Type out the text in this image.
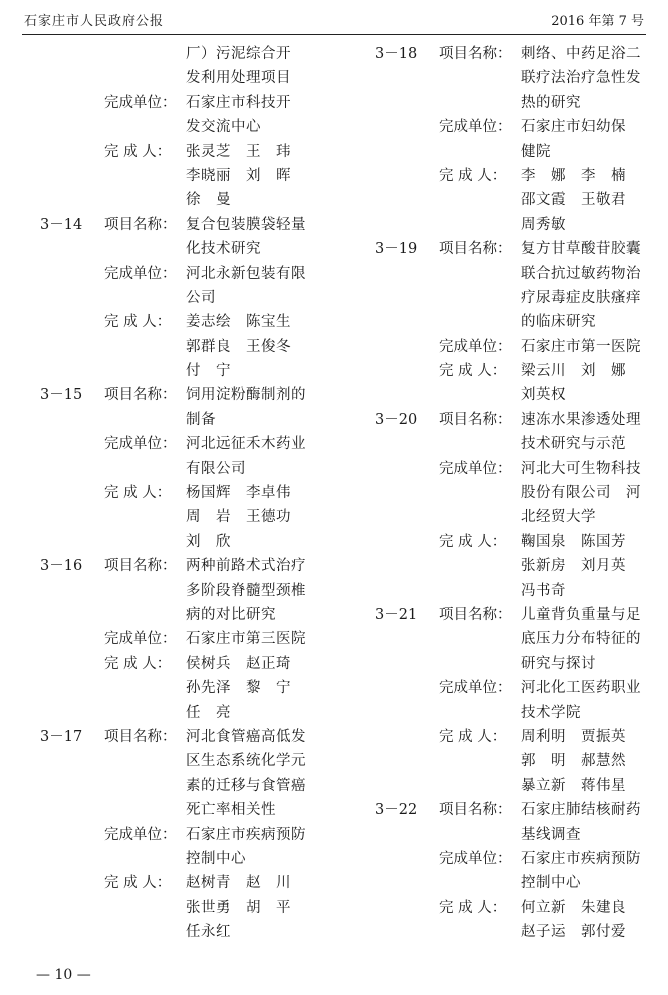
石家庄市人民政府公报	2016 年第 7 号
厂）污泥综合开
发利用处理项目
完成单位： 石家庄市科技开
发交流中心
完 成 人： 张灵芝　王　玮
李晓丽　刘　晖
徐　曼
3－14 项目名称： 复合包装膜袋轻量
化技术研究
完成单位： 河北永新包装有限
公司
完 成 人： 姜志绘　陈宝生
郭群良　王俊冬
付　宁
3－15 项目名称： 饲用淀粉酶制剂的
制备
完成单位： 河北远征禾木药业
有限公司
完 成 人： 杨国辉　李卓伟
周　岩　王德功
刘　欣
3－16 项目名称： 两种前路术式治疗
多阶段脊髓型颈椎
病的对比研究
完成单位： 石家庄市第三医院
完 成 人： 侯树兵　赵正琦
孙先泽　黎　宁
任　亮
3－17 项目名称： 河北食管癌高低发
区生态系统化学元
素的迁移与食管癌
死亡率相关性
完成单位： 石家庄市疾病预防
控制中心
完 成 人： 赵树青　赵　川
张世勇　胡　平
任永红
3－18 项目名称： 刺络、中药足浴二
联疗法治疗急性发
热的研究
完成单位： 石家庄市妇幼保
健院
完 成 人： 李　娜　李　楠
邵文霞　王敬君
周秀敏
3－19 项目名称： 复方甘草酸苷胶囊
联合抗过敏药物治
疗尿毒症皮肤瘙痒
的临床研究
完成单位： 石家庄市第一医院
完 成 人： 梁云川　刘　娜
刘英权
3－20 项目名称： 速冻水果渗透处理
技术研究与示范
完成单位： 河北大可生物科技
股份有限公司　河
北经贸大学
完 成 人： 鞠国泉　陈国芳
张新房　刘月英
冯书奇
3－21 项目名称： 儿童背负重量与足
底压力分布特征的
研究与探讨
完成单位： 河北化工医药职业
技术学院
完 成 人： 周利明　贾振英
郭　明　郝慧然
暴立新　蒋伟星
3－22 项目名称： 石家庄肺结核耐药
基线调查
完成单位： 石家庄市疾病预防
控制中心
完 成 人： 何立新　朱建良
赵子运　郭付爱
— 10 —
